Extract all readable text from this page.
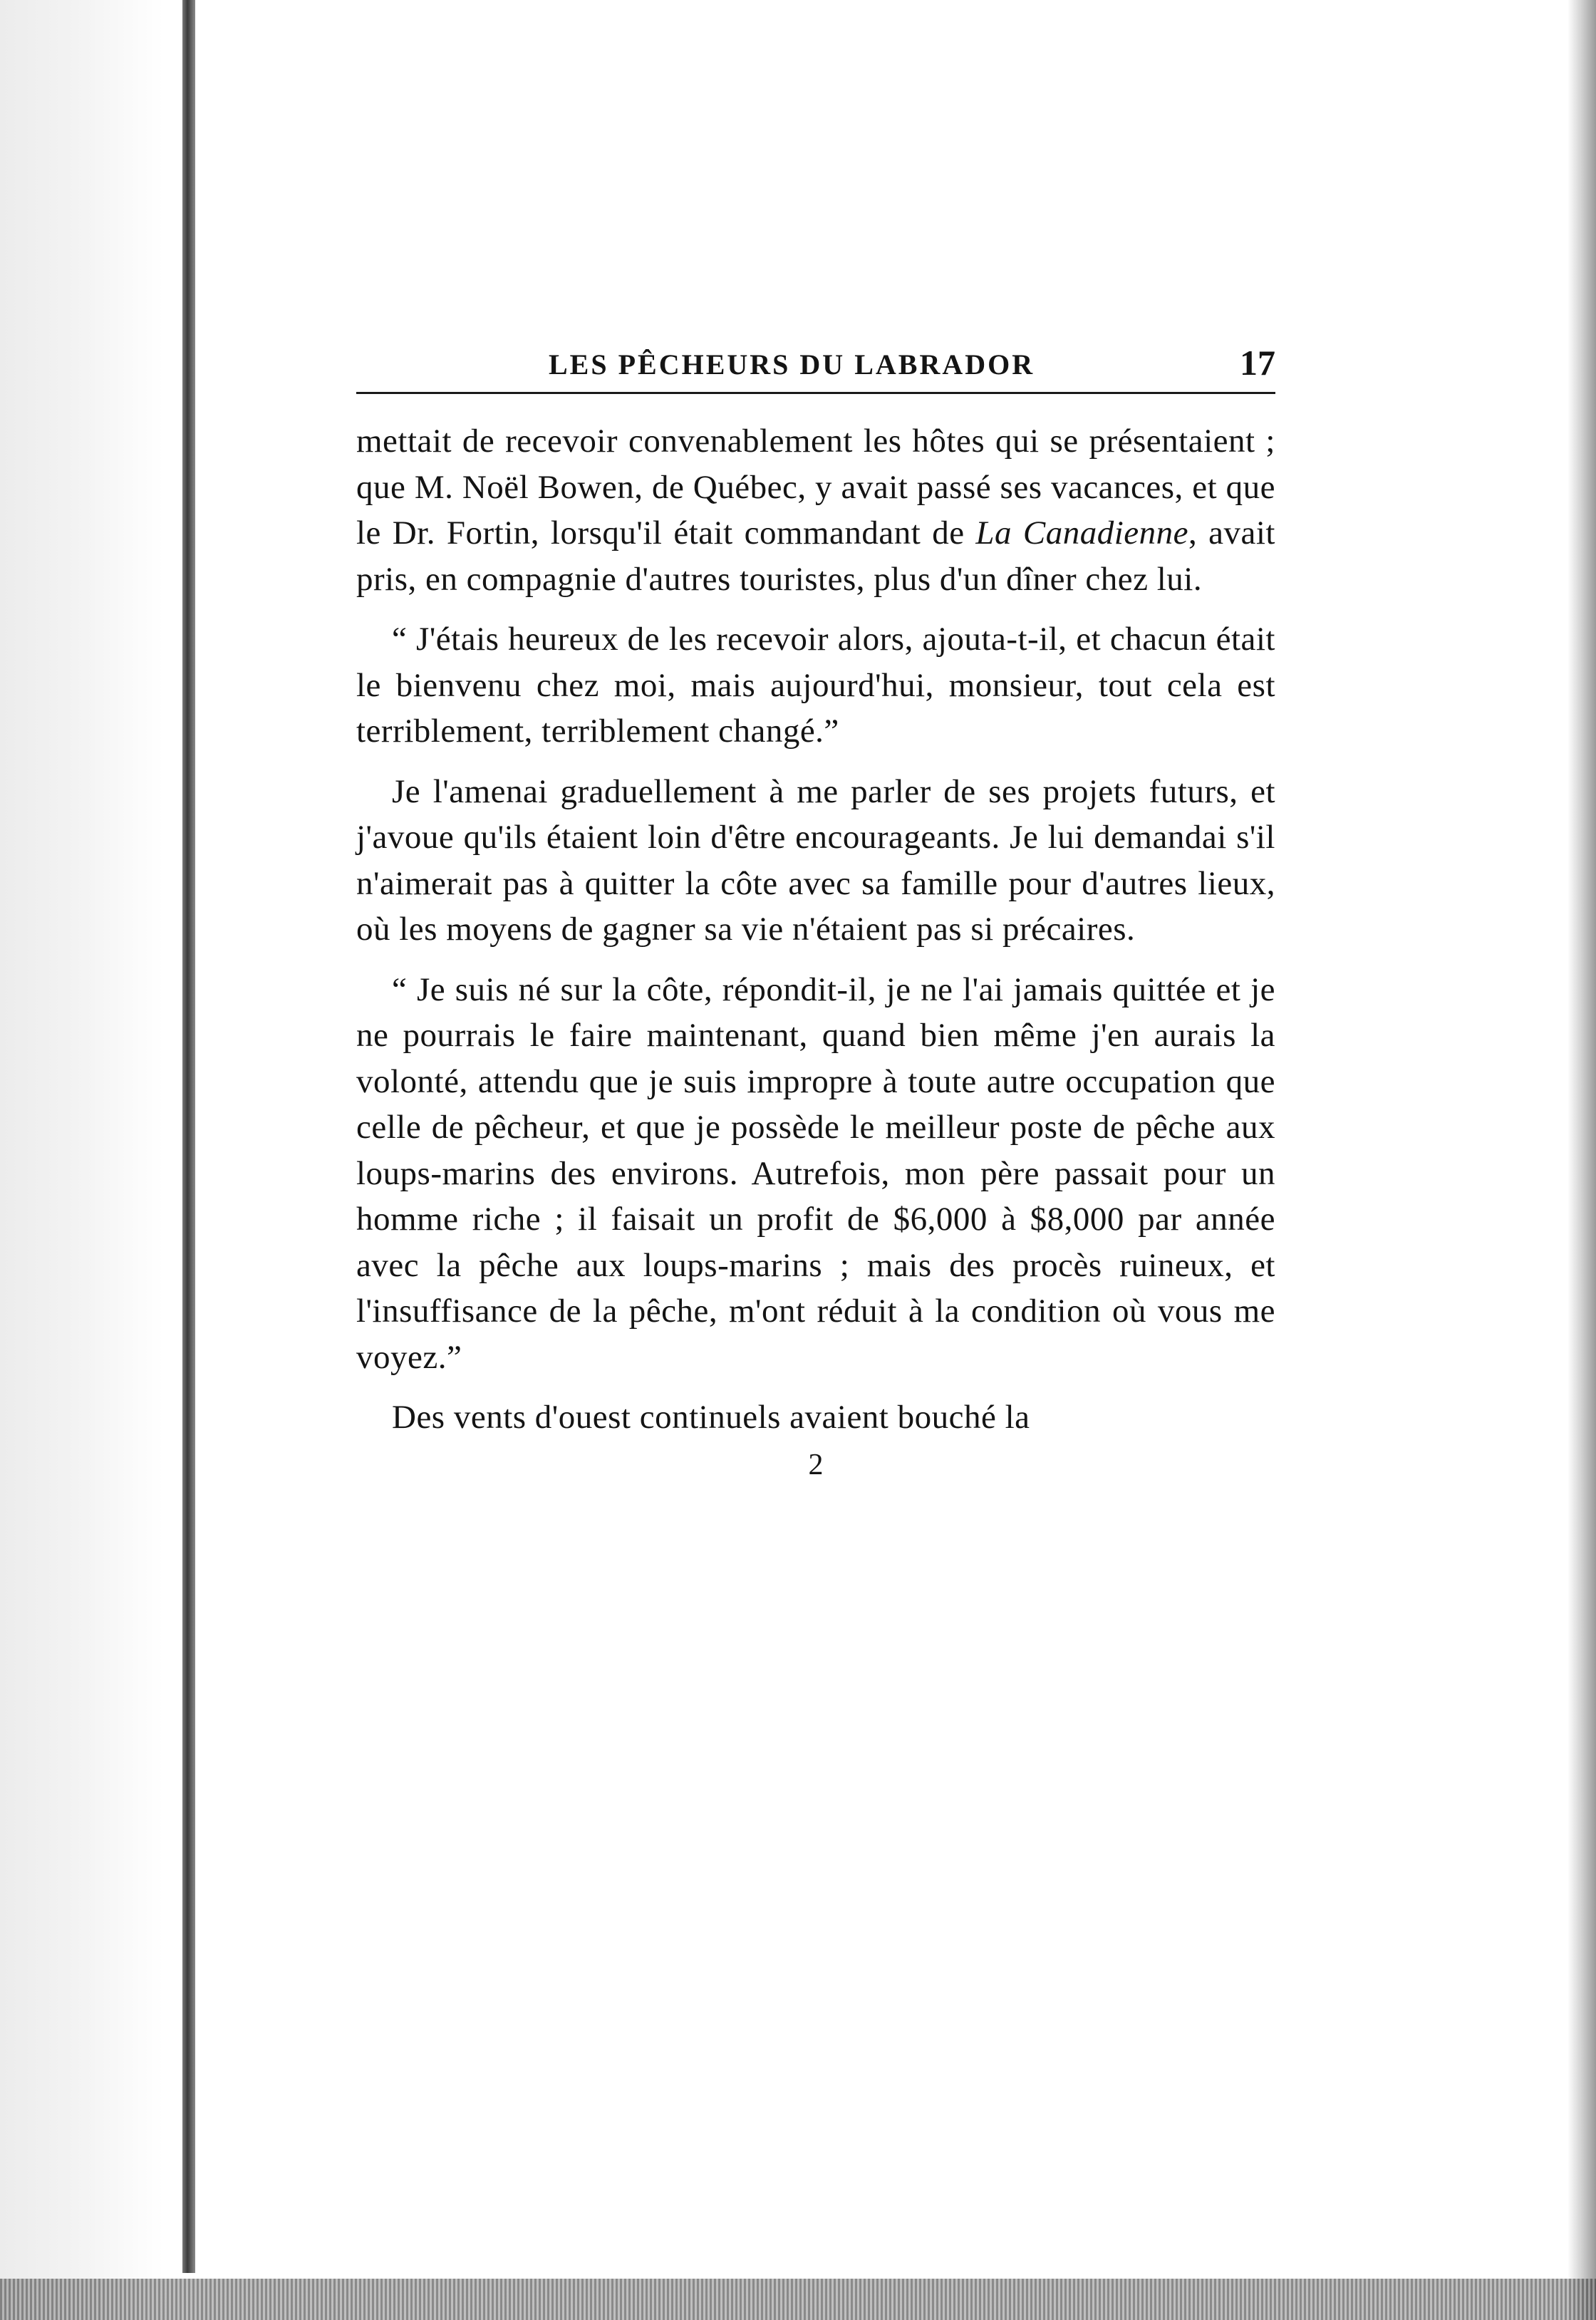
LES PÊCHEURS DU LABRADOR	17

mettait de recevoir convenablement les hôtes qui se présentaient ; que M. Noël Bowen, de Québec, y avait passé ses vacances, et que le Dr. Fortin, lorsqu'il était commandant de La Canadienne, avait pris, en compagnie d'autres touristes, plus d'un dîner chez lui.

“ J'étais heureux de les recevoir alors, ajouta-t-il, et chacun était le bienvenu chez moi, mais aujourd'hui, monsieur, tout cela est terriblement, terriblement changé.”

Je l'amenai graduellement à me parler de ses projets futurs, et j'avoue qu'ils étaient loin d'être encourageants. Je lui demandai s'il n'aimerait pas à quitter la côte avec sa famille pour d'autres lieux, où les moyens de gagner sa vie n'étaient pas si précaires.

“ Je suis né sur la côte, répondit-il, je ne l'ai jamais quittée et je ne pourrais le faire maintenant, quand bien même j'en aurais la volonté, attendu que je suis impropre à toute autre occupation que celle de pêcheur, et que je possède le meilleur poste de pêche aux loups-marins des environs. Autrefois, mon père passait pour un homme riche ; il faisait un profit de $6,000 à $8,000 par année avec la pêche aux loups-marins ; mais des procès ruineux, et l'insuffisance de la pêche, m'ont réduit à la condition où vous me voyez.”

Des vents d'ouest continuels avaient bouché la

2
